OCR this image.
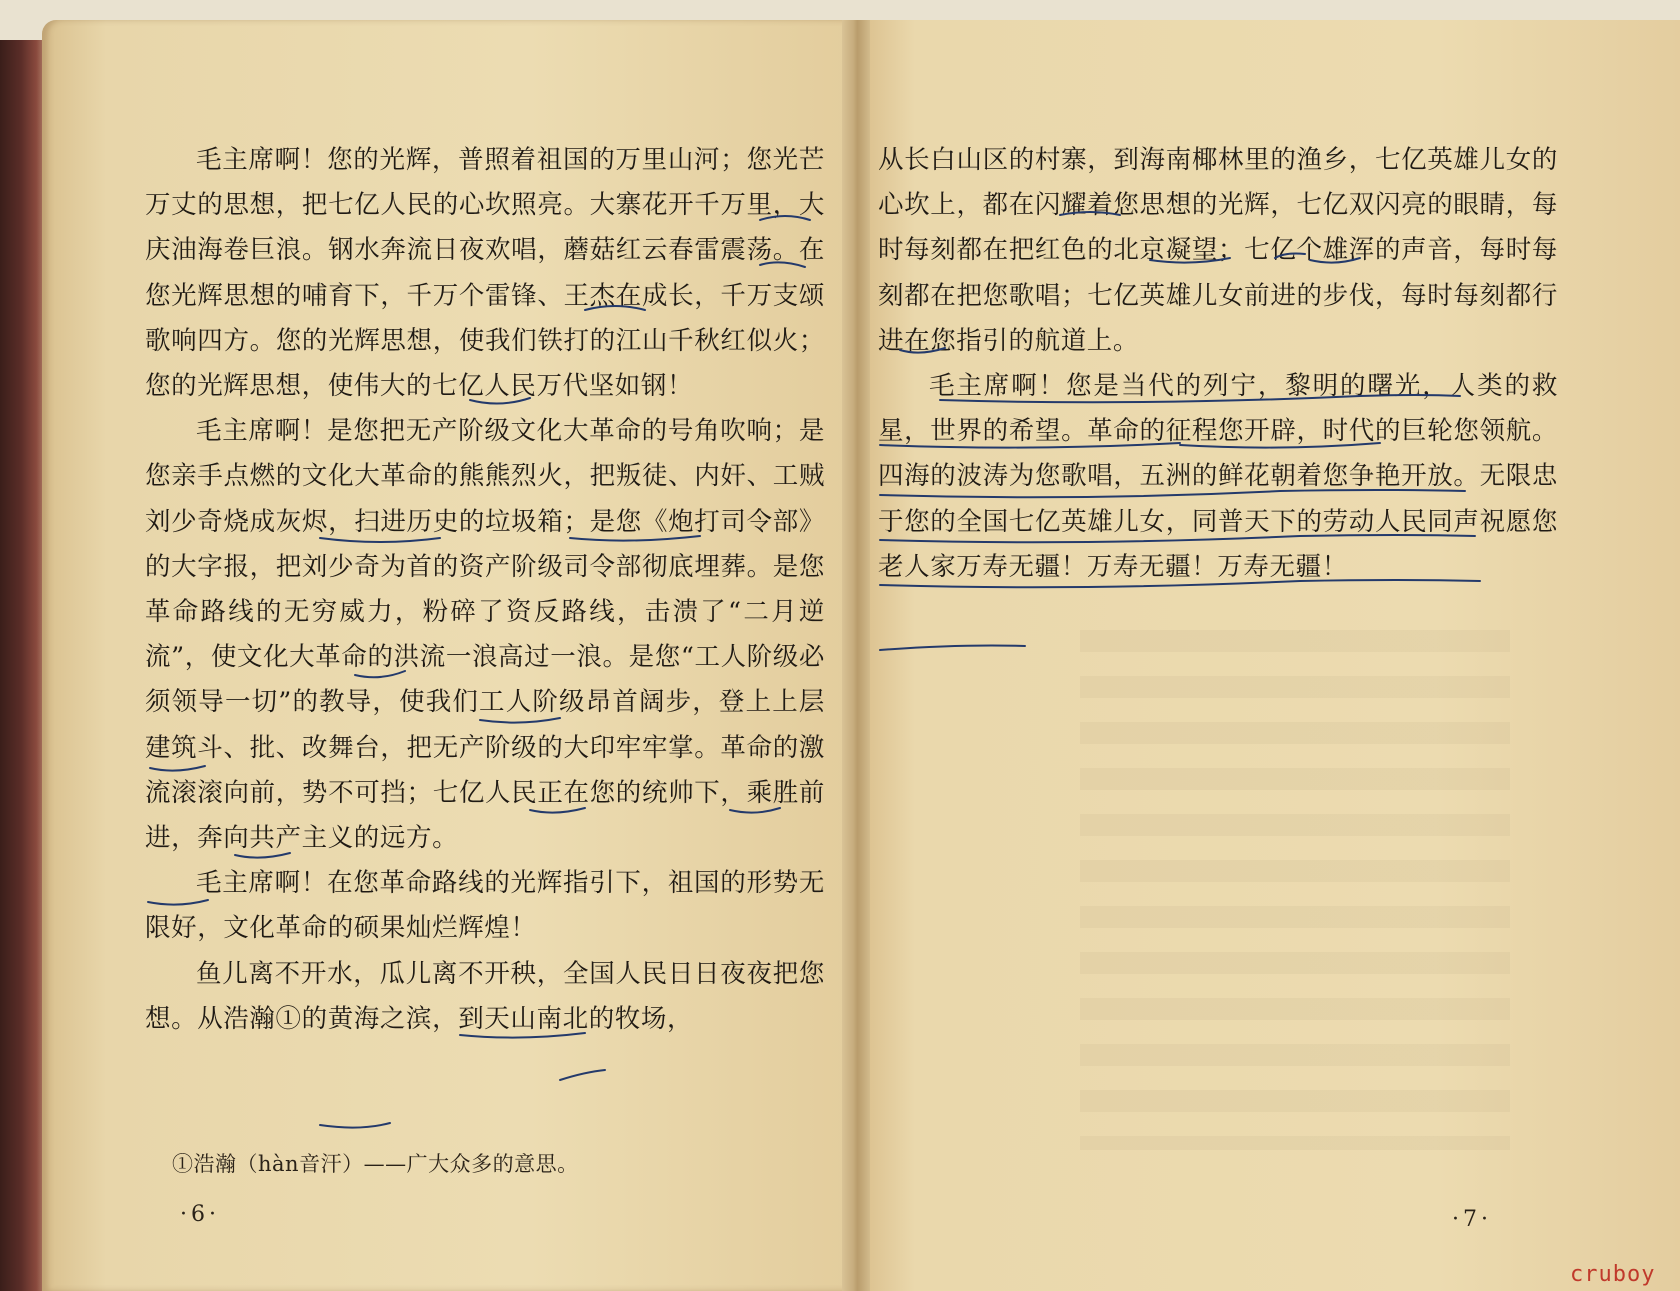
毛主席啊！您的光辉，普照着祖国的万里山河；您光芒万丈的思想，把七亿人民的心坎照亮。大寨花开千万里，大庆油海卷巨浪。钢水奔流日夜欢唱，蘑菇红云春雷震荡。在您光辉思想的哺育下，千万个雷锋、王杰在成长，千万支颂歌响四方。您的光辉思想，使我们铁打的江山千秋红似火；您的光辉思想，使伟大的七亿人民万代坚如钢！

毛主席啊！是您把无产阶级文化大革命的号角吹响；是您亲手点燃的文化大革命的熊熊烈火，把叛徒、内奸、工贼刘少奇烧成灰烬，扫进历史的垃圾箱；是您《炮打司令部》的大字报，把刘少奇为首的资产阶级司令部彻底埋葬。是您革命路线的无穷威力，粉碎了资反路线，击溃了“二月逆流”，使文化大革命的洪流一浪高过一浪。是您“工人阶级必须领导一切”的教导，使我们工人阶级昂首阔步，登上上层建筑斗、批、改舞台，把无产阶级的大印牢牢掌。革命的激流滚滚向前，势不可挡；七亿人民正在您的统帅下，乘胜前进，奔向共产主义的远方。

毛主席啊！在您革命路线的光辉指引下，祖国的形势无限好，文化革命的硕果灿烂辉煌！

鱼儿离不开水，瓜儿离不开秧，全国人民日日夜夜把您想。从浩瀚①的黄海之滨，到天山南北的牧场，

①浩瀚（hàn音汗）——广大众多的意思。
·6·

从长白山区的村寨，到海南椰林里的渔乡，七亿英雄儿女的心坎上，都在闪耀着您思想的光辉，七亿双闪亮的眼睛，每时每刻都在把红色的北京凝望；七亿个雄浑的声音，每时每刻都在把您歌唱；七亿英雄儿女前进的步伐，每时每刻都行进在您指引的航道上。

毛主席啊！您是当代的列宁，黎明的曙光，人类的救星，世界的希望。革命的征程您开辟，时代的巨轮您领航。四海的波涛为您歌唱，五洲的鲜花朝着您争艳开放。无限忠于您的全国七亿英雄儿女，同普天下的劳动人民同声祝愿您老人家万寿无疆！万寿无疆！万寿无疆！

·7·
cruboy
